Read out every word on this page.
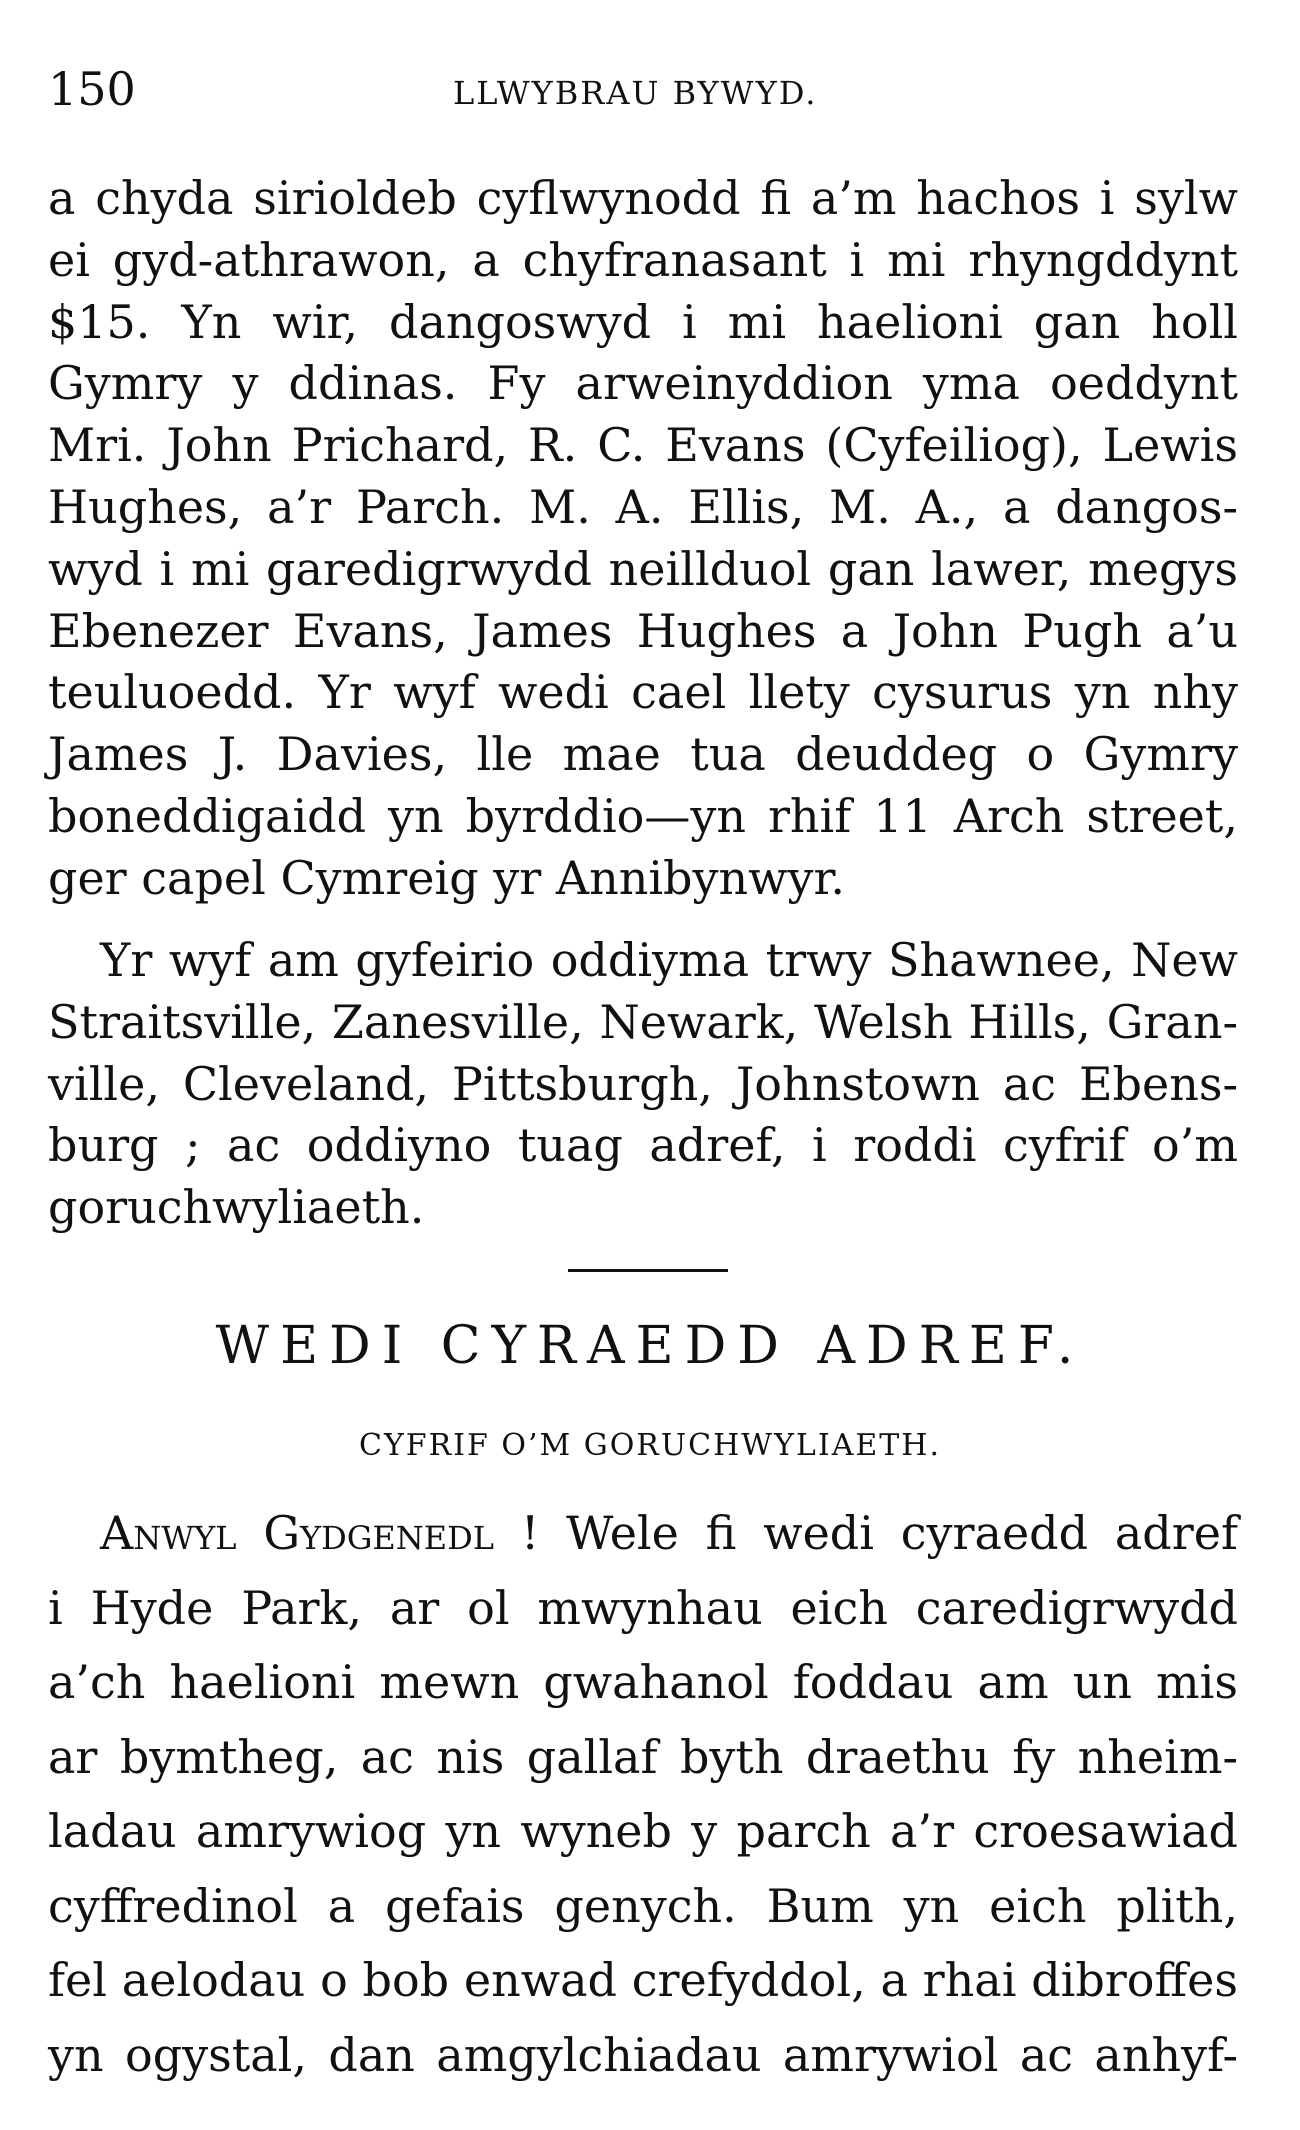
150	LLWYBRAU BYWYD.
a chyda sirioldeb cyflwynodd fi a’m hachos i sylw
ei gyd-athrawon, a chyfranasant i mi rhyngddynt
$15. Yn wir, dangoswyd i mi haelioni gan holl
Gymry y ddinas. Fy arweinyddion yma oeddynt
Mri. John Prichard, R. C. Evans (Cyfeiliog), Lewis
Hughes, a’r Parch. M. A. Ellis, M. A., a dangos-
wyd i mi garedigrwydd neillduol gan lawer, megys
Ebenezer Evans, James Hughes a John Pugh a’u
teuluoedd. Yr wyf wedi cael llety cysurus yn nhy
James J. Davies, lle mae tua deuddeg o Gymry
boneddigaidd yn byrddio—yn rhif 11 Arch street,
ger capel Cymreig yr Annibynwyr.
Yr wyf am gyfeirio oddiyma trwy Shawnee, New
Straitsville, Zanesville, Newark, Welsh Hills, Gran-
ville, Cleveland, Pittsburgh, Johnstown ac Ebens-
burg ; ac oddiyno tuag adref, i roddi cyfrif o’m
goruchwyliaeth.
WEDI CYRAEDD ADREF.
CYFRIF O’M GORUCHWYLIAETH.
Anwyl Gydgenedl ! Wele fi wedi cyraedd adref
i Hyde Park, ar ol mwynhau eich caredigrwydd
a’ch haelioni mewn gwahanol foddau am un mis
ar bymtheg, ac nis gallaf byth draethu fy nheim-
ladau amrywiog yn wyneb y parch a’r croesawiad
cyffredinol a gefais genych. Bum yn eich plith,
fel aelodau o bob enwad crefyddol, a rhai dibroffes
yn ogystal, dan amgylchiadau amrywiol ac anhyf-
